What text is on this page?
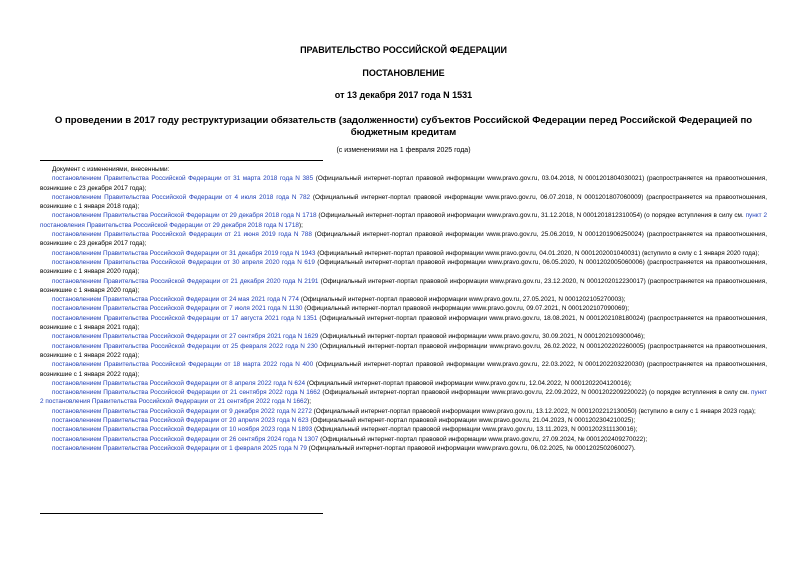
ПРАВИТЕЛЬСТВО РОССИЙСКОЙ ФЕДЕРАЦИИ
ПОСТАНОВЛЕНИЕ
от 13 декабря 2017 года N 1531
О проведении в 2017 году реструктуризации обязательств (задолженности) субъектов Российской Федерации перед Российской Федерацией по бюджетным кредитам
(с изменениями на 1 февраля 2025 года)
Документ с изменениями, внесенными:

постановлением Правительства Российской Федерации от 31 марта 2018 года N 385 (Официальный интернет-портал правовой информации www.pravo.gov.ru, 03.04.2018, N 0001201804030021) (распространяется на правоотношения, возникшие с 23 декабря 2017 года);

постановлением Правительства Российской Федерации от 4 июля 2018 года N 782 (Официальный интернет-портал правовой информации www.pravo.gov.ru, 06.07.2018, N 0001201807060009) (распространяется на правоотношения, возникшие с 1 января 2018 года);

постановлением Правительства Российской Федерации от 29 декабря 2018 года N 1718 (Официальный интернет-портал правовой информации www.pravo.gov.ru, 31.12.2018, N 0001201812310054) (о порядке вступления в силу см. пункт 2 постановления Правительства Российской Федерации от 29 декабря 2018 года N 1718);

постановлением Правительства Российской Федерации от 21 июня 2019 года N 788 (Официальный интернет-портал правовой информации www.pravo.gov.ru, 25.06.2019, N 0001201906250024) (распространяется на правоотношения, возникшие с 23 декабря 2017 года);

постановлением Правительства Российской Федерации от 31 декабря 2019 года N 1943 (Официальный интернет-портал правовой информации www.pravo.gov.ru, 04.01.2020, N 0001202001040031) (вступило в силу с 1 января 2020 года);

постановлением Правительства Российской Федерации от 30 апреля 2020 года N 619 (Официальный интернет-портал правовой информации www.pravo.gov.ru, 06.05.2020, N 0001202005060006) (распространяется на правоотношения, возникшие с 1 января 2020 года);

постановлением Правительства Российской Федерации от 21 декабря 2020 года N 2191 (Официальный интернет-портал правовой информации www.pravo.gov.ru, 23.12.2020, N 0001202012230017) (распространяется на правоотношения, возникшие с 1 января 2020 года);

постановлением Правительства Российской Федерации от 24 мая 2021 года N 774 (Официальный интернет-портал правовой информации www.pravo.gov.ru, 27.05.2021, N 0001202105270003);

постановлением Правительства Российской Федерации от 7 июля 2021 года N 1130 (Официальный интернет-портал правовой информации www.pravo.gov.ru, 09.07.2021, N 0001202107090069);

постановлением Правительства Российской Федерации от 17 августа 2021 года N 1351 (Официальный интернет-портал правовой информации www.pravo.gov.ru, 18.08.2021, N 0001202108180024) (распространяется на правоотношения, возникшие с 1 января 2021 года);

постановлением Правительства Российской Федерации от 27 сентября 2021 года N 1629 (Официальный интернет-портал правовой информации www.pravo.gov.ru, 30.09.2021, N 0001202109300046);

постановлением Правительства Российской Федерации от 25 февраля 2022 года N 230 (Официальный интернет-портал правовой информации www.pravo.gov.ru, 26.02.2022, N 0001202202260005) (распространяется на правоотношения, возникшие с 1 января 2022 года);

постановлением Правительства Российской Федерации от 18 марта 2022 года N 400 (Официальный интернет-портал правовой информации www.pravo.gov.ru, 22.03.2022, N 0001202203220030) (распространяется на правоотношения, возникшие с 1 января 2022 года);

постановлением Правительства Российской Федерации от 8 апреля 2022 года N 624 (Официальный интернет-портал правовой информации www.pravo.gov.ru, 12.04.2022, N 0001202204120016);

постановлением Правительства Российской Федерации от 21 сентября 2022 года N 1662 (Официальный интернет-портал правовой информации www.pravo.gov.ru, 22.09.2022, N 0001202209220022) (о порядке вступления в силу см. пункт 2 постановления Правительства Российской Федерации от 21 сентября 2022 года N 1662);

постановлением Правительства Российской Федерации от 9 декабря 2022 года N 2272 (Официальный интернет-портал правовой информации www.pravo.gov.ru, 13.12.2022, N 0001202212130050) (вступило в силу с 1 января 2023 года);

постановлением Правительства Российской Федерации от 20 апреля 2023 года N 623 (Официальный интернет-портал правовой информации www.pravo.gov.ru, 21.04.2023, N 0001202304210025);

постановлением Правительства Российской Федерации от 10 ноября 2023 года N 1893 (Официальный интернет-портал правовой информации www.pravo.gov.ru, 13.11.2023, N 0001202311130016);

постановлением Правительства Российской Федерации от 26 сентября 2024 года N 1307 (Официальный интернет-портал правовой информации www.pravo.gov.ru, 27.09.2024, № 0001202409270022);

постановлением Правительства Российской Федерации от 1 февраля 2025 года N 79 (Официальный интернет-портал правовой информации www.pravo.gov.ru, 06.02.2025, № 0001202502060027).
